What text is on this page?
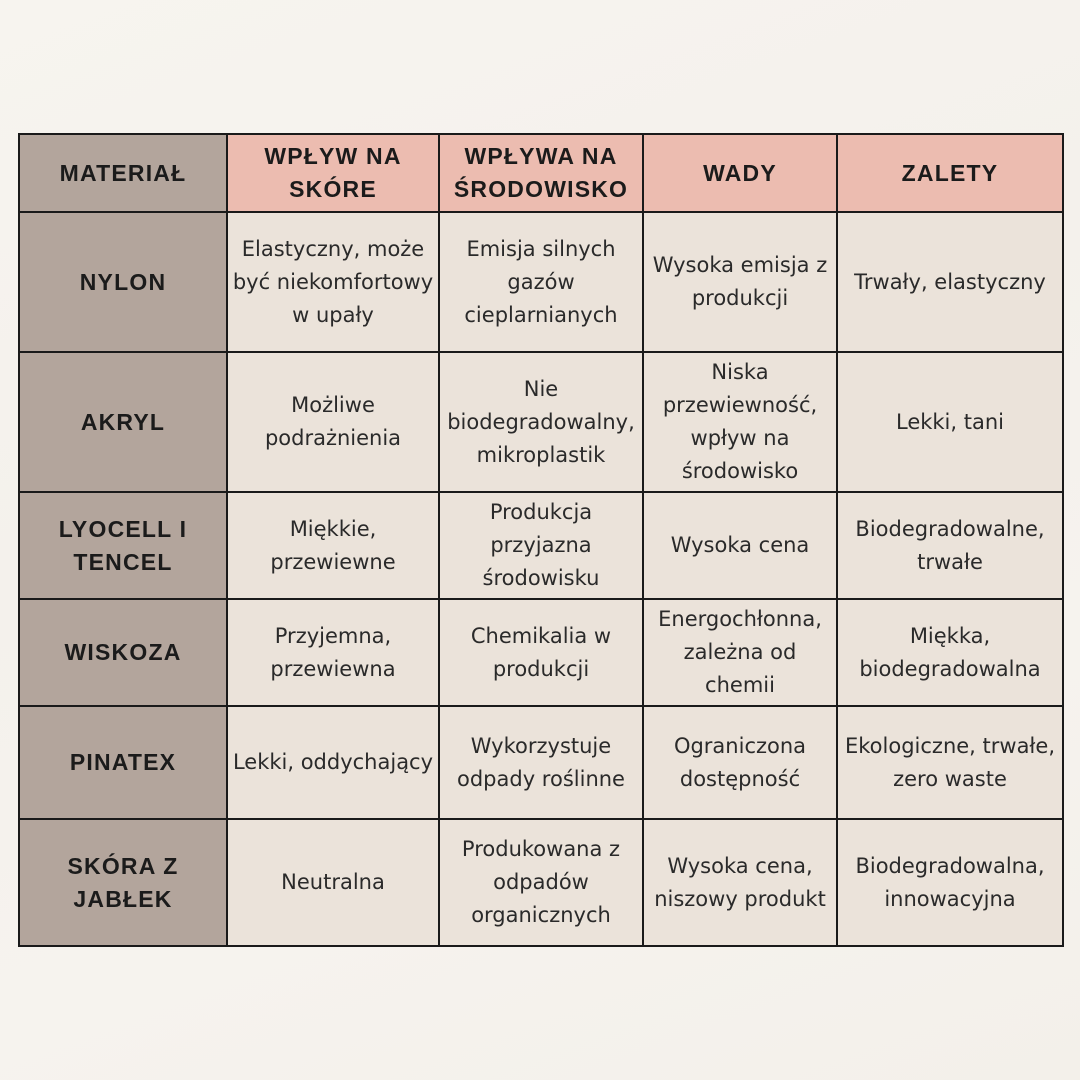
MATERIAŁ	WPŁYW NA SKÓRE	WPŁYWA NA ŚRODOWISKO	WADY	ZALETY
NYLON	Elastyczny, może być niekomfortowy w upały	Emisja silnych gazów cieplarnianych	Wysoka emisja z produkcji	Trwały, elastyczny
AKRYL	Możliwe podrażnienia	Nie biodegradowalny, mikroplastik	Niska przewiewność, wpływ na środowisko	Lekki, tani
LYOCELL I TENCEL	Miękkie, przewiewne	Produkcja przyjazna środowisku	Wysoka cena	Biodegradowalne, trwałe
WISKOZA	Przyjemna, przewiewna	Chemikalia w produkcji	Energochłonna, zależna od chemii	Miękka, biodegradowalna
PINATEX	Lekki, oddychający	Wykorzystuje odpady roślinne	Ograniczona dostępność	Ekologiczne, trwałe, zero waste
SKÓRA Z JABŁEK	Neutralna	Produkowana z odpadów organicznych	Wysoka cena, niszowy produkt	Biodegradowalna, innowacyjna
